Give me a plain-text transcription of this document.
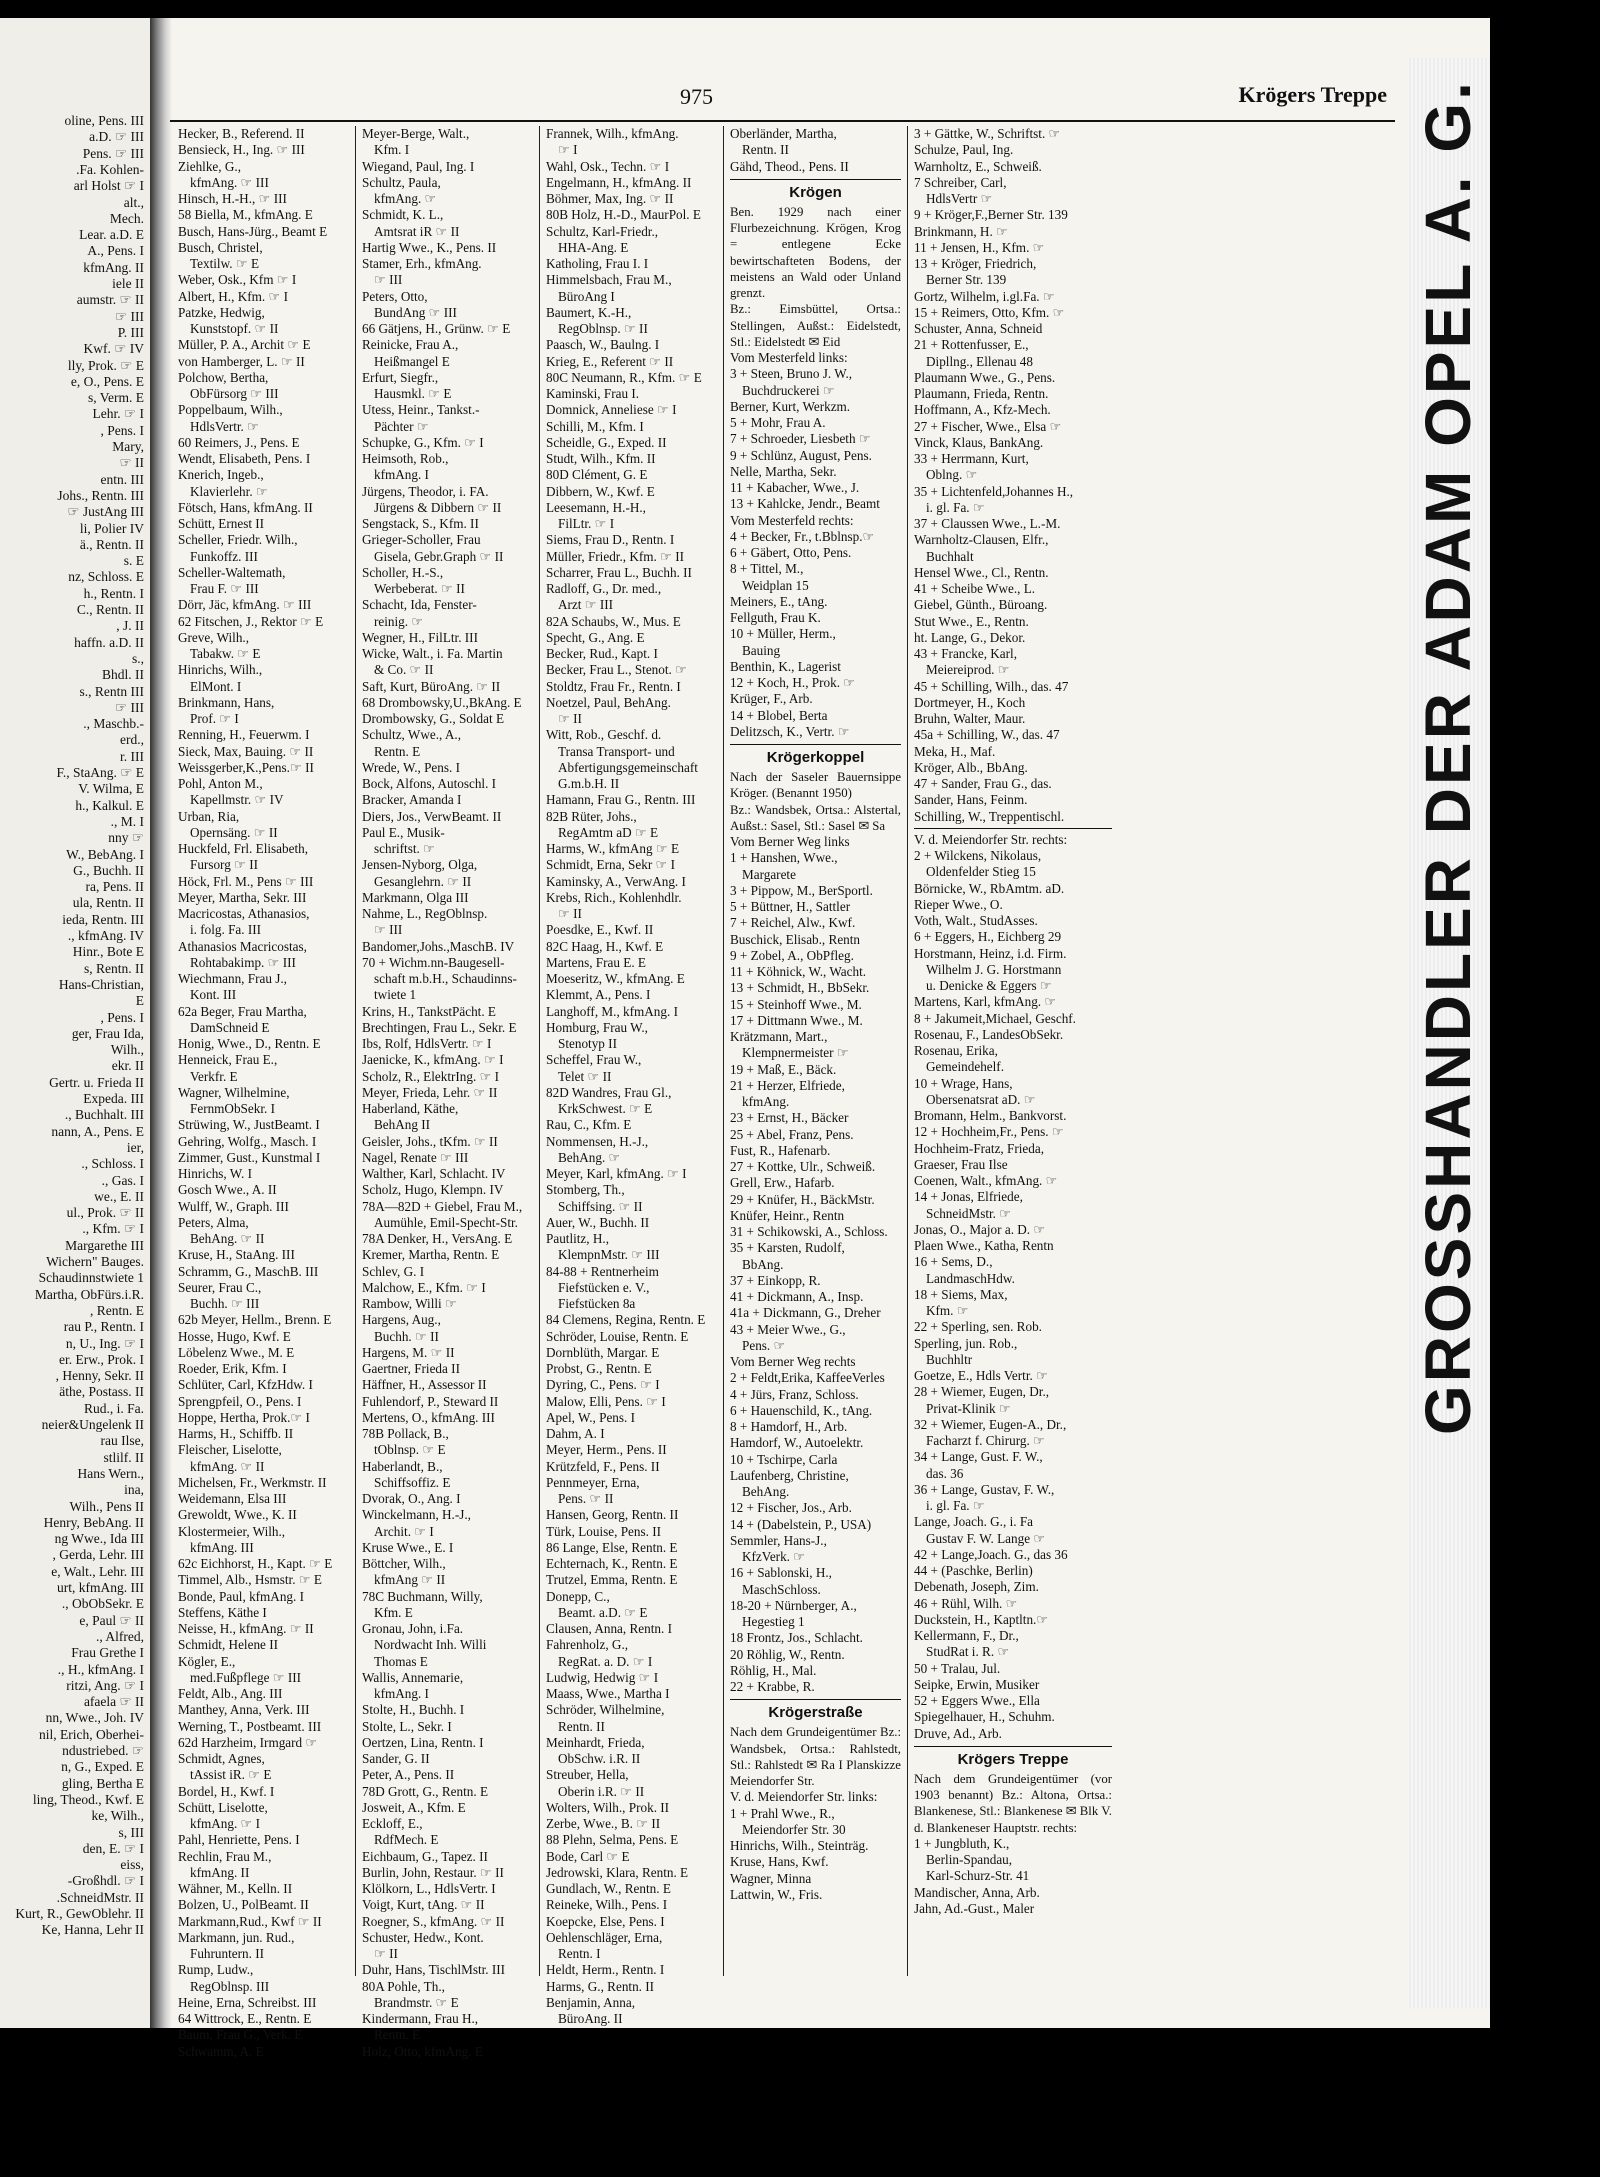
oline, Pens. III
a.D. ☞ III
Pens. ☞ III
.Fa. Kohlen-
arl Holst ☞ I
alt.,
Mech.
Lear. a.D. E
A., Pens. I
kfmAng. II
iele II
aumstr. ☞ II
☞ III
P. III
Kwf. ☞ IV
lly, Prok. ☞ E
e, O., Pens. E
s, Verm. E
Lehr. ☞ I
, Pens. I
Mary,
☞ II
entn. III
Johs., Rentn. III
☞ JustAng III
li, Polier IV
ä., Rentn. II
s. E
nz, Schloss. E
h., Rentn. I
C., Rentn. II
, J. II
haffn. a.D. II
s.,
Bhdl. II
s., Rentn III
☞ III
., Maschb.-
erd.,
r. III
F., StaAng. ☞ E
V. Wilma, E
h., Kalkul. E
., M. I
nny ☞
W., BebAng. I
G., Buchh. II
ra, Pens. II
ula, Rentn. II
ieda, Rentn. III
., kfmAng. IV
Hinr., Bote E
s, Rentn. II
Hans-Christian,
E
, Pens. I
ger, Frau Ida,
Wilh.,
ekr. II
Gertr. u. Frieda II
Expeda. III
., Buchhalt. III
nann, A., Pens. E
ier,
., Schloss. I
., Gas. I
we., E. II
ul., Prok. ☞ II
., Kfm. ☞ I
Margarethe III
Wichern" Bauges.
Schaudinnstwiete 1
Martha, ObFürs.i.R.
, Rentn. E
rau P., Rentn. I
n, U., Ing. ☞ I
er. Erw., Prok. I
, Henny, Sekr. II
äthe, Postass. II
Rud., i. Fa.
neier&Ungelenk II
rau Ilse,
stlilf. II
Hans Wern.,
ina,
Wilh., Pens II
Henry, BebAng. II
ng Wwe., Ida III
, Gerda, Lehr. III
e, Walt., Lehr. III
urt, kfmAng. III
., ObObSekr. E
e, Paul ☞ II
., Alfred,
Frau Grethe I
., H., kfmAng. I
ritzi, Ang. ☞ I
afaela ☞ II
nn, Wwe., Joh. IV
nil, Erich, Oberhei-
ndustriebed. ☞
n, G., Exped. E
gling, Bertha E
ling, Theod., Kwf. E
ke, Wilh.,
s, III
den, E. ☞ I
eiss,
-Großhdl. ☞ I
.SchneidMstr. II
Kurt, R., GewOblehr. II
Ke, Hanna, Lehr II
975	Krögers Treppe
Hecker, B., Referend. II
Bensieck, H., Ing. ☞ III
Ziehlke, G.,
kfmAng. ☞ III
Hinsch, H.-H., ☞ III
58 Biella, M., kfmAng. E
Busch, Hans-Jürg., Beamt E
Busch, Christel,
Textilw. ☞ E
Weber, Osk., Kfm ☞ I
Albert, H., Kfm. ☞ I
Patzke, Hedwig,
Kunststopf. ☞ II
Müller, P. A., Archit ☞ E
von Hamberger, L. ☞ II
Polchow, Bertha,
ObFürsorg ☞ III
Poppelbaum, Wilh.,
HdlsVertr. ☞
60 Reimers, J., Pens. E
Wendt, Elisabeth, Pens. I
Knerich, Ingeb.,
Klavierlehr. ☞
Fötsch, Hans, kfmAng. II
Schütt, Ernest II
Scheller, Friedr. Wilh.,
Funkoffz. III
Scheller-Waltemath,
Frau F. ☞ III
Dörr, Jäc, kfmAng. ☞ III
62 Fitschen, J., Rektor ☞ E
Greve, Wilh.,
Tabakw. ☞ E
Hinrichs, Wilh.,
ElMont. I
Brinkmann, Hans,
Prof. ☞ I
Renning, H., Feuerwm. I
Sieck, Max, Bauing. ☞ II
Weissgerber,K.,Pens.☞ II
Pohl, Anton M.,
Kapellmstr. ☞ IV
Urban, Ria,
Opernsäng. ☞ II
Huckfeld, Frl. Elisabeth,
Fursorg ☞ II
Höck, Frl. M., Pens ☞ III
Meyer, Martha, Sekr. III
Macricostas, Athanasios,
i. folg. Fa. III
Athanasios Macricostas,
Rohtabakimp. ☞ III
Wiechmann, Frau J.,
Kont. III
62a Beger, Frau Martha,
DamSchneid E
Honig, Wwe., D., Rentn. E
Henneick, Frau E.,
Verkfr. E
Wagner, Wilhelmine,
FernmObSekr. I
Strüwing, W., JustBeamt. I
Gehring, Wolfg., Masch. I
Zimmer, Gust., Kunstmal I
Hinrichs, W. I
Gosch Wwe., A. II
Wulff, W., Graph. III
Peters, Alma,
BehAng. ☞ II
Kruse, H., StaAng. III
Schramm, G., MaschB. III
Seurer, Frau C.,
Buchh. ☞ III
62b Meyer, Hellm., Brenn. E
Hosse, Hugo, Kwf. E
Löbelenz Wwe., M. E
Roeder, Erik, Kfm. I
Schlüter, Carl, KfzHdw. I
Sprengpfeil, O., Pens. I
Hoppe, Hertha, Prok.☞ I
Harms, H., Schiffb. II
Fleischer, Liselotte,
kfmAng. ☞ II
Michelsen, Fr., Werkmstr. II
Weidemann, Elsa III
Grewoldt, Wwe., K. II
Klostermeier, Wilh.,
kfmAng. III
62c Eichhorst, H., Kapt. ☞ E
Timmel, Alb., Hsmstr. ☞ E
Bonde, Paul, kfmAng. I
Steffens, Käthe I
Neisse, H., kfmAng. ☞ II
Schmidt, Helene II
Kögler, E.,
med.Fußpflege ☞ III
Feldt, Alb., Ang. III
Manthey, Anna, Verk. III
Werning, T., Postbeamt. III
62d Harzheim, Irmgard ☞
Schmidt, Agnes,
tAssist iR. ☞ E
Bordel, H., Kwf. I
Schütt, Liselotte,
kfmAng. ☞ I
Pahl, Henriette, Pens. I
Rechlin, Frau M.,
kfmAng. II
Wähner, M., Kelln. II
Bolzen, U., PolBeamt. II
Markmann,Rud., Kwf ☞ II
Markmann, jun. Rud.,
Fuhruntern. II
Rump, Ludw.,
RegOblnsp. III
Heine, Erna, Schreibst. III
64 Wittrock, E., Rentn. E
Baum, Frau G., Verk. E
Schwamm, A. E
Meyer-Berge, Walt.,
Kfm. I
Wiegand, Paul, Ing. I
Schultz, Paula,
kfmAng. ☞
Schmidt, K. L.,
Amtsrat iR ☞ II
Hartig Wwe., K., Pens. II
Stamer, Erh., kfmAng.
☞ III
Peters, Otto,
BundAng ☞ III
66 Gätjens, H., Grünw. ☞ E
Reinicke, Frau A.,
Heißmangel E
Erfurt, Siegfr.,
Hausmkl. ☞ E
Utess, Heinr., Tankst.-
Pächter ☞
Schupke, G., Kfm. ☞ I
Heimsoth, Rob.,
kfmAng. I
Jürgens, Theodor, i. FA.
Jürgens & Dibbern ☞ II
Sengstack, S., Kfm. II
Grieger-Scholler, Frau
Gisela, Gebr.Graph ☞ II
Scholler, H.-S.,
Werbeberat. ☞ II
Schacht, Ida, Fenster-
reinig. ☞
Wegner, H., FilLtr. III
Wicke, Walt., i. Fa. Martin
& Co. ☞ II
Saft, Kurt, BüroAng. ☞ II
68 Drombowsky,U.,BkAng. E
Drombowsky, G., Soldat E
Schultz, Wwe., A.,
Rentn. E
Wrede, W., Pens. I
Bock, Alfons, Autoschl. I
Bracker, Amanda I
Diers, Jos., VerwBeamt. II
Paul E., Musik-
schriftst. ☞
Jensen-Nyborg, Olga,
Gesanglehrn. ☞ II
Markmann, Olga III
Nahme, L., RegOblnsp.
☞ III
Bandomer,Johs.,MaschB. IV
70 + Wichm.nn-Baugesell-
schaft m.b.H., Schaudinns-
twiete 1
Krins, H., TankstPächt. E
Brechtingen, Frau L., Sekr. E
Ibs, Rolf, HdlsVertr. ☞ I
Jaenicke, K., kfmAng. ☞ I
Scholz, R., ElektrIng. ☞ I
Meyer, Frieda, Lehr. ☞ II
Haberland, Käthe,
BehAng II
Geisler, Johs., tKfm. ☞ II
Nagel, Renate ☞ III
Walther, Karl, Schlacht. IV
Scholz, Hugo, Klempn. IV
78A—82D + Giebel, Frau M.,
Aumühle, Emil-Specht-Str.
78A Denker, H., VersAng. E
Kremer, Martha, Rentn. E
Schlev, G. I
Malchow, E., Kfm. ☞ I
Rambow, Willi ☞
Hargens, Aug.,
Buchh. ☞ II
Hargens, M. ☞ II
Gaertner, Frieda II
Häffner, H., Assessor II
Fuhlendorf, P., Steward II
Mertens, O., kfmAng. III
78B Pollack, B.,
tOblnsp. ☞ E
Haberlandt, B.,
Schiffsoffiz. E
Dvorak, O., Ang. I
Winckelmann, H.-J.,
Archit. ☞ I
Kruse Wwe., E. I
Böttcher, Wilh.,
kfmAng ☞ II
78C Buchmann, Willy,
Kfm. E
Gronau, John, i.Fa.
Nordwacht Inh. Willi
Thomas E
Wallis, Annemarie,
kfmAng. I
Stolte, H., Buchh. I
Stolte, L., Sekr. I
Oertzen, Lina, Rentn. I
Sander, G. II
Peter, A., Pens. II
78D Grott, G., Rentn. E
Josweit, A., Kfm. E
Eckloff, E.,
RdfMech. E
Eichbaum, G., Tapez. II
Burlin, John, Restaur. ☞ II
Klölkorn, L., HdlsVertr. I
Voigt, Kurt, tAng. ☞ II
Roegner, S., kfmAng. ☞ II
Schuster, Hedw., Kont.
☞ II
Duhr, Hans, TischlMstr. III
80A Pohle, Th.,
Brandmstr. ☞ E
Kindermann, Frau H.,
Rentn. E
Holz, Otto, kfmAng. E
Frannek, Wilh., kfmAng.
☞ I
Wahl, Osk., Techn. ☞ I
Engelmann, H., kfmAng. II
Böhmer, Max, Ing. ☞ II
80B Holz, H.-D., MaurPol. E
Schultz, Karl-Friedr.,
HHA-Ang. E
Katholing, Frau I. I
Himmelsbach, Frau M.,
BüroAng I
Baumert, K.-H.,
RegOblnsp. ☞ II
Paasch, W., Baulng. I
Krieg, E., Referent ☞ II
80C Neumann, R., Kfm. ☞ E
Kaminski, Frau I.
Domnick, Anneliese ☞ I
Schilli, M., Kfm. I
Scheidle, G., Exped. II
Studt, Wilh., Kfm. II
80D Clément, G. E
Dibbern, W., Kwf. E
Leesemann, H.-H.,
FilLtr. ☞ I
Siems, Frau D., Rentn. I
Müller, Friedr., Kfm. ☞ II
Scharrer, Frau L., Buchh. II
Radloff, G., Dr. med.,
Arzt ☞ III
82A Schaubs, W., Mus. E
Specht, G., Ang. E
Becker, Rud., Kapt. I
Becker, Frau L., Stenot. ☞
Stoldtz, Frau Fr., Rentn. I
Noetzel, Paul, BehAng.
☞ II
Witt, Rob., Geschf. d.
Transa Transport- und
Abfertigungsgemeinschaft
G.m.b.H. II
Hamann, Frau G., Rentn. III
82B Rüter, Johs.,
RegAmtm aD ☞ E
Harms, W., kfmAng ☞ E
Schmidt, Erna, Sekr ☞ I
Kaminsky, A., VerwAng. I
Krebs, Rich., Kohlenhdlr.
☞ II
Poesdke, E., Kwf. II
82C Haag, H., Kwf. E
Martens, Frau E. E
Moeseritz, W., kfmAng. E
Klemmt, A., Pens. I
Langhoff, M., kfmAng. I
Homburg, Frau W.,
Stenotyp II
Scheffel, Frau W.,
Telet ☞ II
82D Wandres, Frau Gl.,
KrkSchwest. ☞ E
Rau, C., Kfm. E
Nommensen, H.-J.,
BehAng. ☞
Meyer, Karl, kfmAng. ☞ I
Stomberg, Th.,
Schiffsing. ☞ II
Auer, W., Buchh. II
Pautlitz, H.,
KlempnMstr. ☞ III
84-88 + Rentnerheim
Fiefstücken e. V.,
Fiefstücken 8a
84 Clemens, Regina, Rentn. E
Schröder, Louise, Rentn. E
Dornblüth, Margar. E
Probst, G., Rentn. E
Dyring, C., Pens. ☞ I
Malow, Elli, Pens. ☞ I
Apel, W., Pens. I
Dahm, A. I
Meyer, Herm., Pens. II
Krützfeld, F., Pens. II
Pennmeyer, Erna,
Pens. ☞ II
Hansen, Georg, Rentn. II
Türk, Louise, Pens. II
86 Lange, Else, Rentn. E
Echternach, K., Rentn. E
Trutzel, Emma, Rentn. E
Donepp, C.,
Beamt. a.D. ☞ E
Clausen, Anna, Rentn. I
Fahrenholz, G.,
RegRat. a. D. ☞ I
Ludwig, Hedwig ☞ I
Maass, Wwe., Martha I
Schröder, Wilhelmine,
Rentn. II
Meinhardt, Frieda,
ObSchw. i.R. II
Streuber, Hella,
Oberin i.R. ☞ II
Wolters, Wilh., Prok. II
Zerbe, Wwe., B. ☞ II
88 Plehn, Selma, Pens. E
Bode, Carl ☞ E
Jedrowski, Klara, Rentn. E
Gundlach, W., Rentn. E
Reineke, Wilh., Pens. I
Koepcke, Else, Pens. I
Oehlenschläger, Erna,
Rentn. I
Heldt, Herm., Rentn. I
Harms, G., Rentn. II
Benjamin, Anna,
BüroAng. II
Oberländer, Martha,
Rentn. II
Gähd, Theod., Pens. II
Krögen
Ben. 1929 nach einer Flurbezeichnung. Krögen, Krog = entlegene Ecke bewirtschafteten Bodens, der meistens an Wald oder Unland grenzt.
Bz.: Eimsbüttel, Ortsa.: Stellingen, Außst.: Eidelstedt, Stl.: Eidelstedt ✉ Eid
Vom Mesterfeld links:
3 + Steen, Bruno J. W.,
Buchdruckerei ☞
Berner, Kurt, Werkzm.
5 + Mohr, Frau A.
7 + Schroeder, Liesbeth ☞
9 + Schlünz, August, Pens.
Nelle, Martha, Sekr.
11 + Kabacher, Wwe., J.
13 + Kahlcke, Jendr., Beamt
Vom Mesterfeld rechts:
4 + Becker, Fr., t.Bblnsp.☞
6 + Gäbert, Otto, Pens.
8 + Tittel, M.,
Weidplan 15
Meiners, E., tAng.
Fellguth, Frau K.
10 + Müller, Herm.,
Bauing
Benthin, K., Lagerist
12 + Koch, H., Prok. ☞
Krüger, F., Arb.
14 + Blobel, Berta
Delitzsch, K., Vertr. ☞
Krögerkoppel
Nach der Saseler Bauernsippe Kröger. (Benannt 1950)
Bz.: Wandsbek, Ortsa.: Alstertal, Außst.: Sasel, Stl.: Sasel ✉ Sa
Vom Berner Weg links
1 + Hanshen, Wwe.,
Margarete
3 + Pippow, M., BerSportl.
5 + Büttner, H., Sattler
7 + Reichel, Alw., Kwf.
Buschick, Elisab., Rentn
9 + Zobel, A., ObPfleg.
11 + Köhnick, W., Wacht.
13 + Schmidt, H., BbSekr.
15 + Steinhoff Wwe., M.
17 + Dittmann Wwe., M.
Krätzmann, Mart.,
Klempnermeister ☞
19 + Maß, E., Bäck.
21 + Herzer, Elfriede,
kfmAng.
23 + Ernst, H., Bäcker
25 + Abel, Franz, Pens.
Fust, R., Hafenarb.
27 + Kottke, Ulr., Schweiß.
Grell, Erw., Hafarb.
29 + Knüfer, H., BäckMstr.
Knüfer, Heinr., Rentn
31 + Schikowski, A., Schloss.
35 + Karsten, Rudolf,
BbAng.
37 + Einkopp, R.
41 + Dickmann, A., Insp.
41a + Dickmann, G., Dreher
43 + Meier Wwe., G.,
Pens. ☞
Vom Berner Weg rechts
2 + Feldt,Erika, KaffeeVerles
4 + Jürs, Franz, Schloss.
6 + Hauenschild, K., tAng.
8 + Hamdorf, H., Arb.
Hamdorf, W., Autoelektr.
10 + Tschirpe, Carla
Laufenberg, Christine,
BehAng.
12 + Fischer, Jos., Arb.
14 + (Dabelstein, P., USA)
Semmler, Hans-J.,
KfzVerk. ☞
16 + Sablonski, H.,
MaschSchloss.
18-20 + Nürnberger, A.,
Hegestieg 1
18 Frontz, Jos., Schlacht.
20 Röhlig, W., Rentn.
Röhlig, H., Mal.
22 + Krabbe, R.
Krögerstraße
Nach dem Grundeigentümer Bz.: Wandsbek, Ortsa.: Rahlstedt, Stl.: Rahlstedt ✉ Ra I Planskizze Meiendorfer Str.
V. d. Meiendorfer Str. links:
1 + Prahl Wwe., R.,
Meiendorfer Str. 30
Hinrichs, Wilh., Steinträg.
Kruse, Hans, Kwf.
Wagner, Minna
Lattwin, W., Fris.
3 + Gättke, W., Schriftst. ☞
Schulze, Paul, Ing.
Warnholtz, E., Schweiß.
7 Schreiber, Carl,
HdlsVertr ☞
9 + Kröger,F.,Berner Str. 139
Brinkmann, H. ☞
11 + Jensen, H., Kfm. ☞
13 + Kröger, Friedrich,
Berner Str. 139
Gortz, Wilhelm, i.gl.Fa. ☞
15 + Reimers, Otto, Kfm. ☞
Schuster, Anna, Schneid
21 + Rottenfusser, E.,
Dipllng., Ellenau 48
Plaumann Wwe., G., Pens.
Plaumann, Frieda, Rentn.
Hoffmann, A., Kfz-Mech.
27 + Fischer, Wwe., Elsa ☞
Vinck, Klaus, BankAng.
33 + Herrmann, Kurt,
Oblng. ☞
35 + Lichtenfeld,Johannes H.,
i. gl. Fa. ☞
37 + Claussen Wwe., L.-M.
Warnholtz-Clausen, Elfr.,
Buchhalt
Hensel Wwe., Cl., Rentn.
41 + Scheibe Wwe., L.
Giebel, Günth., Büroang.
Stut Wwe., E., Rentn.
ht. Lange, G., Dekor.
43 + Francke, Karl,
Meiereiprod. ☞
45 + Schilling, Wilh., das. 47
Dortmeyer, H., Koch
Bruhn, Walter, Maur.
45a + Schilling, W., das. 47
Meka, H., Maf.
Kröger, Alb., BbAng.
47 + Sander, Frau G., das.
Sander, Hans, Feinm.
Schilling, W., Treppentischl.
V. d. Meiendorfer Str. rechts:
2 + Wilckens, Nikolaus,
Oldenfelder Stieg 15
Börnicke, W., RbAmtm. aD.
Rieper Wwe., O.
Voth, Walt., StudAsses.
6 + Eggers, H., Eichberg 29
Horstmann, Heinz, i.d. Firm.
Wilhelm J. G. Horstmann
u. Denicke & Eggers ☞
Martens, Karl, kfmAng. ☞
8 + Jakumeit,Michael, Geschf.
Rosenau, F., LandesObSekr.
Rosenau, Erika,
Gemeindehelf.
10 + Wrage, Hans,
Obersenatsrat aD. ☞
Bromann, Helm., Bankvorst.
12 + Hochheim,Fr., Pens. ☞
Hochheim-Fratz, Frieda,
Graeser, Frau Ilse
Coenen, Walt., kfmAng. ☞
14 + Jonas, Elfriede,
SchneidMstr. ☞
Jonas, O., Major a. D. ☞
Plaen Wwe., Katha, Rentn
16 + Sems, D.,
LandmaschHdw.
18 + Siems, Max,
Kfm. ☞
22 + Sperling, sen. Rob.
Sperling, jun. Rob.,
Buchhltr
Goetze, E., Hdls Vertr. ☞
28 + Wiemer, Eugen, Dr.,
Privat-Klinik ☞
32 + Wiemer, Eugen-A., Dr.,
Facharzt f. Chirurg. ☞
34 + Lange, Gust. F. W.,
das. 36
36 + Lange, Gustav, F. W.,
i. gl. Fa. ☞
Lange, Joach. G., i. Fa
Gustav F. W. Lange ☞
42 + Lange,Joach. G., das 36
44 + (Paschke, Berlin)
Debenath, Joseph, Zim.
46 + Rühl, Wilh. ☞
Duckstein, H., Kaptltn.☞
Kellermann, F., Dr.,
StudRat i. R. ☞
50 + Tralau, Jul.
Seipke, Erwin, Musiker
52 + Eggers Wwe., Ella
Spiegelhauer, H., Schuhm.
Druve, Ad., Arb.
Krögers Treppe
Nach dem Grundeigentümer (vor 1903 benannt) Bz.: Altona, Ortsa.: Blankenese, Stl.: Blankenese ✉ Blk V. d. Blankeneser Hauptstr. rechts:
1 + Jungbluth, K.,
Berlin-Spandau,
Karl-Schurz-Str. 41
Mandischer, Anna, Arb.
Jahn, Ad.-Gust., Maler
GROSSHANDLER DER ADAM OPEL A. G.
